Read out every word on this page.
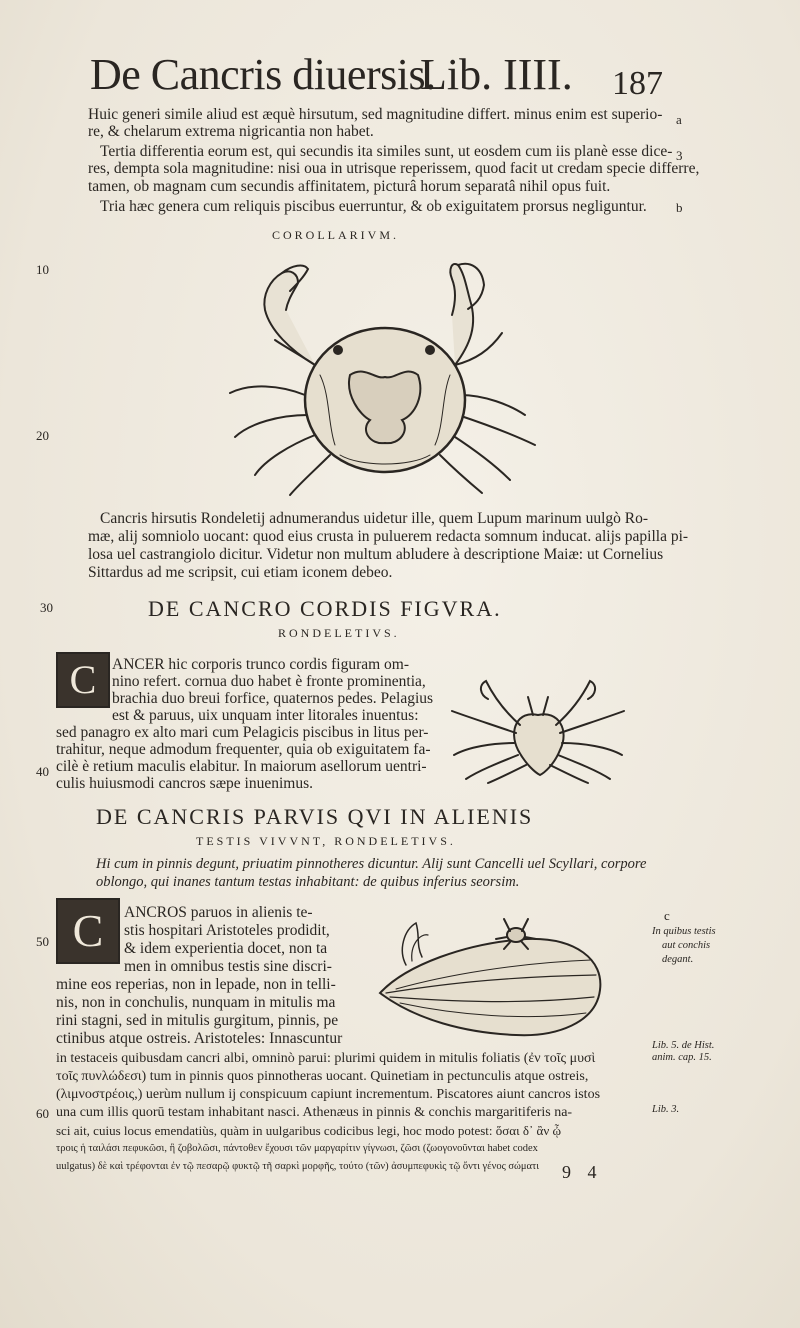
De Cancris diuersis.
Lib. IIII. 187
Huic generi simile aliud est æquè hirsutum, sed magnitudine differt. minus enim est superio-
re, & chelarum extrema nigricantia non habet.
Tertia differentia eorum est, qui secundis ita similes sunt, ut eosdem cum iis planè esse dice-
res, dempta sola magnitudine: nisi oua in utrisque reperissem, quod facit ut credam specie differre,
tamen, ob magnam cum secundis affinitatem, picturâ horum separatâ nihil opus fuit.
Tria hæc genera cum reliquis piscibus euerruntur, & ob exiguitatem prorsus negliguntur.
a
3
b
COROLLARIVM.
10
20
Cancris hirsutis Rondeletij adnumerandus uidetur ille, quem Lupum marinum uulgò Ro-
mæ, alij somniolo uocant: quod eius crusta in puluerem redacta somnum inducat. alijs papilla pi-
losa uel castrangiolo dicitur. Videtur non multum abludere à descriptione Maiæ: ut Cornelius
Sittardus ad me scripsit, cui etiam iconem debeo.
30	DE CANCRO CORDIS FIGVRA.
RONDELETIVS.
C	ANCER hic corporis trunco cordis figuram om-
nino refert. cornua duo habet è fronte prominentia,
brachia duo breui forfice, quaternos pedes. Pelagius
est & paruus, uix unquam inter litorales inuentus:
sed panagro ex alto mari cum Pelagicis piscibus in litus per-
trahitur, neque admodum frequenter, quia ob exiguitatem fa-
cilè è retium maculis elabitur. In maiorum asellorum uentri-
culis huiusmodi cancros sæpe inuenimus.
40
DE CANCRIS PARVIS QVI IN ALIENIS
TESTIS VIVVNT, RONDELETIVS.
Hi cum in pinnis degunt, priuatim pinnotheres dicuntur. Alij sunt Cancelli uel Scyllari, corpore
oblongo, qui inanes tantum testas inhabitant: de quibus inferius seorsim.
C
50
ANCROS paruos in alienis te-
stis hospitari Aristoteles prodidit,
& idem experientia docet, non ta
men in omnibus testis sine discri-
mine eos reperias, non in lepade, non in telli-
nis, non in conchulis, nunquam in mitulis ma
rini stagni, sed in mitulis gurgitum, pinnis, pe
ctinibus atque ostreis. Aristoteles: Innascuntur
in testaceis quibusdam cancri albi, omninò parui: plurimi quidem in mitulis foliatis (ἐν τοῖς μυσὶ
τοῖς πυνλώδεσι) tum in pinnis quos pinnotheras uocant. Quinetiam in pectunculis atque ostreis,
(λιμνοστρέοις,) uerùm nullum ij conspicuum capiunt incrementum. Piscatores aiunt cancros istos
una cum illis quorū testam inhabitant nasci. Athenæus in pinnis & conchis margaritiferis na-
sci ait, cuius locus emendatiùs, quàm in uulgaribus codicibus legi, hoc modo potest: ὅσαι δ᾽ ἂν ᾦ
τροις ἡ ταιλάσι πεφυκῶσι, ἢ ζοβολῶσι, πάντοθεν ἔχουσι τῶν μαργαρίτιν γίγνωσι, ζῶσι (ζωογονοῦνται habet codex
uulgatus) δὲ καὶ τρέφονται ἐν τῷ πεσαρῷ φυκτῷ τῆ σαρκὶ μορφῆς, τούτο (τῶν) ἀσυμπεφυκὶς τῷ ὄντι γένος σώματι
60
c
In quibus testis
aut conchis
degant.
Lib. 5. de Hist.
anim. cap. 15.
Lib. 3.
9 4
